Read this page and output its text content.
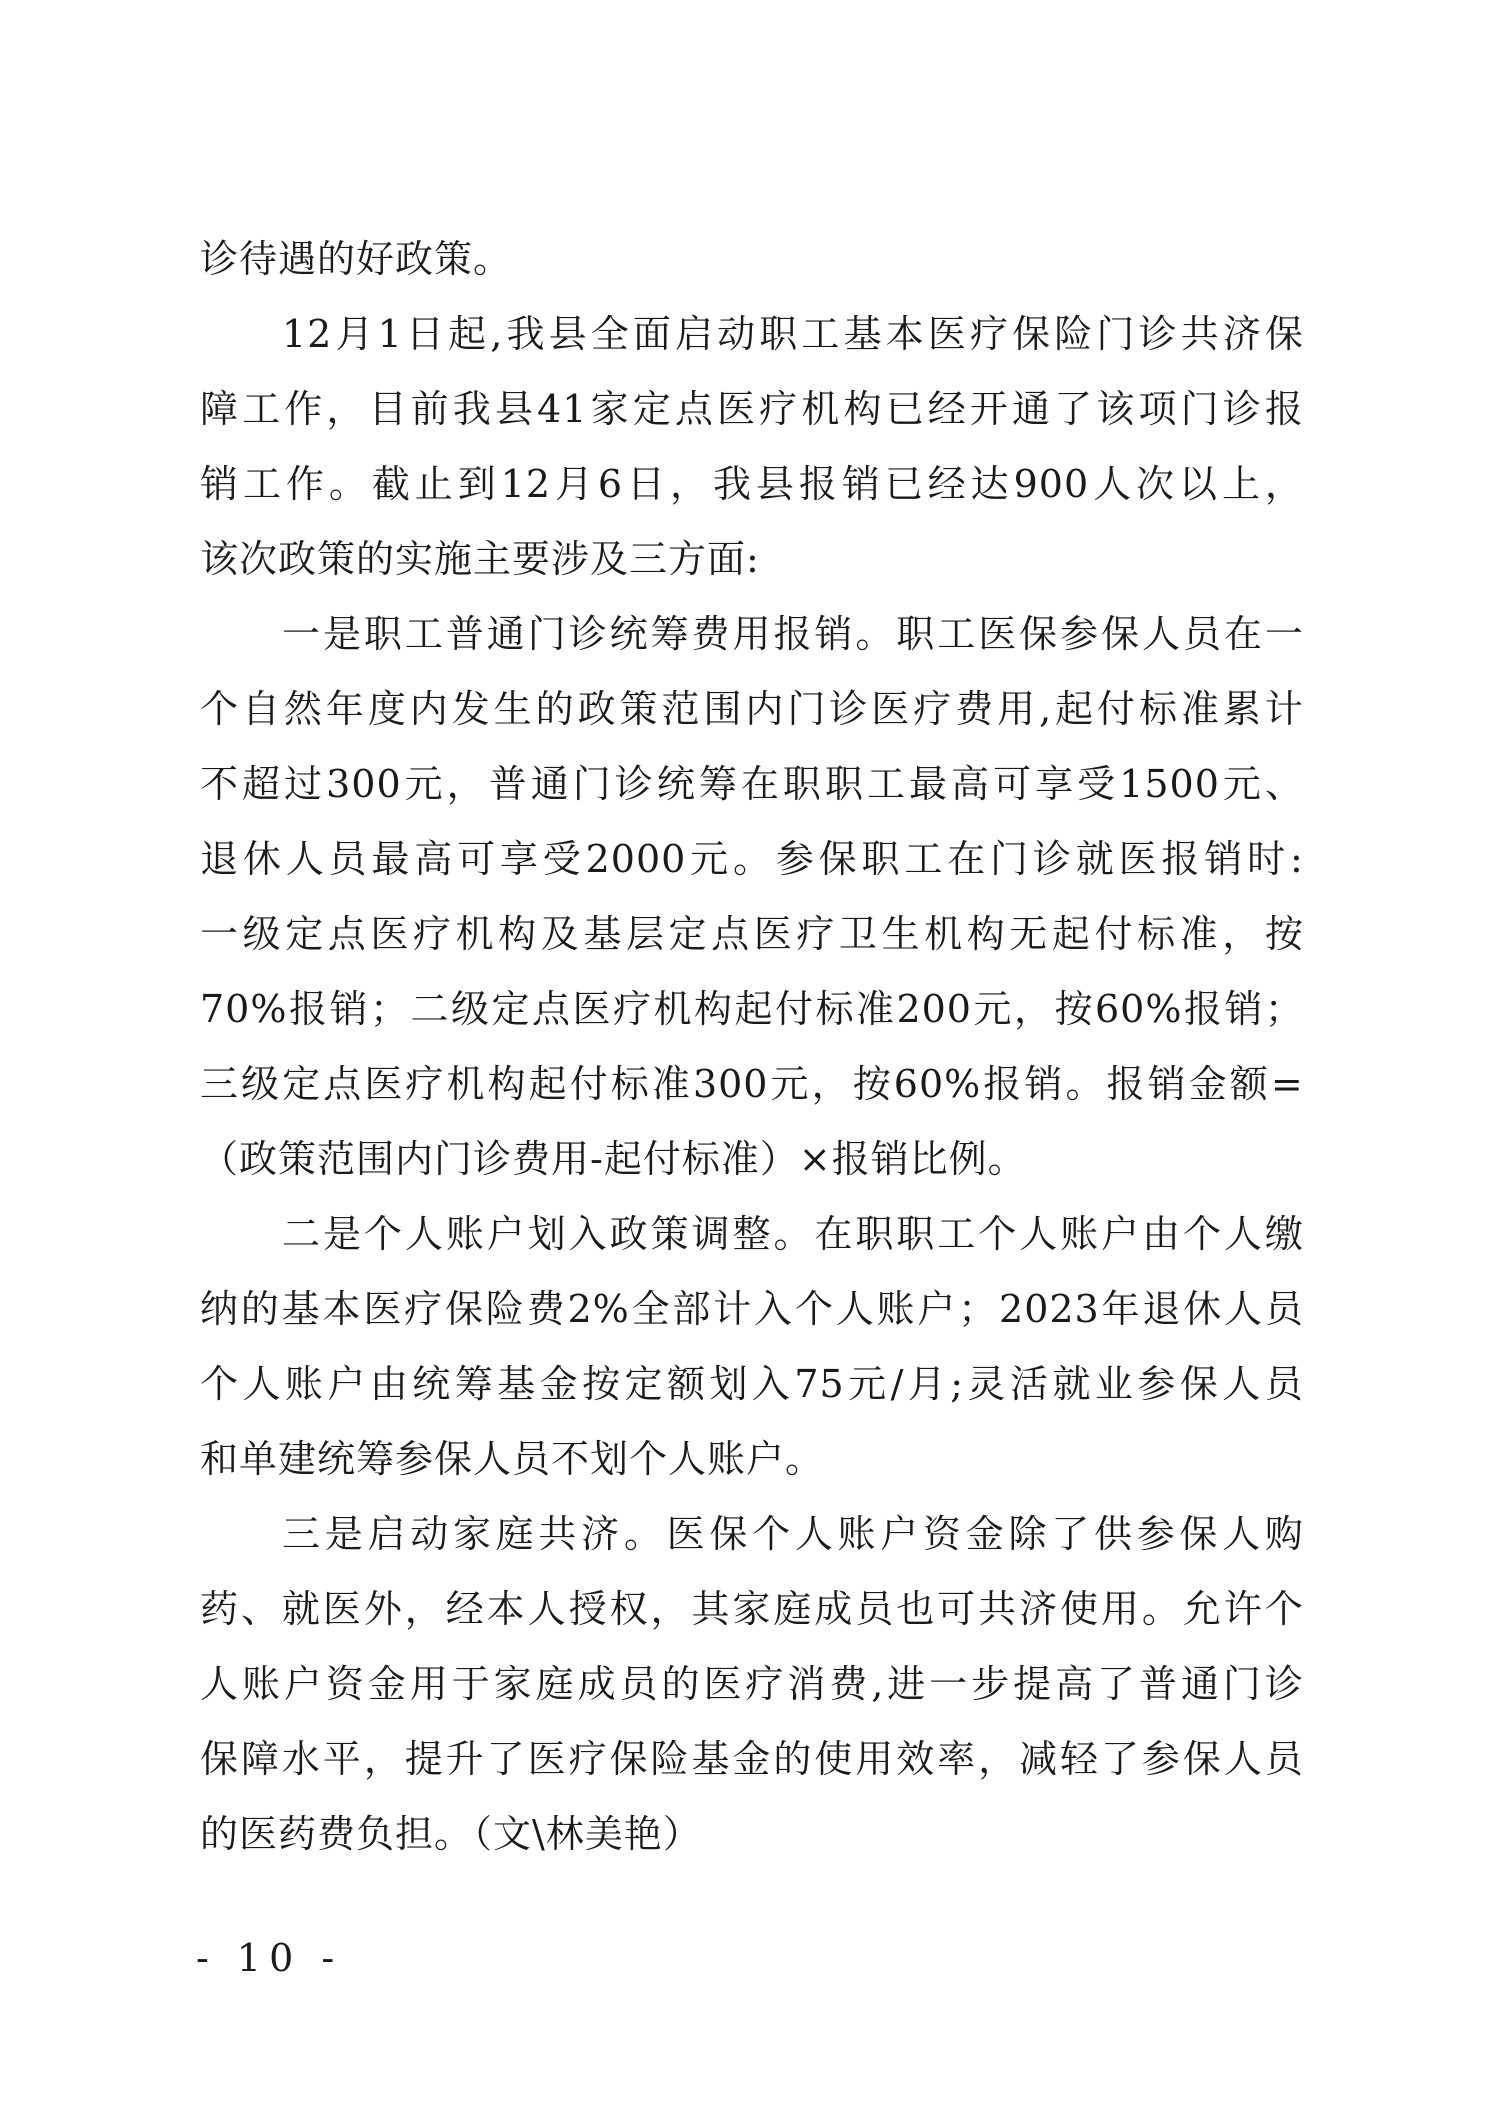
诊待遇的好政策。
12 月 1 日 起 , 我 县 全 面 启 动 职 工 基 本 医 疗 保 险 门 诊 共 济 保
障 工 作 ， 目 前 我 县 41 家 定 点 医 疗 机 构 已 经 开 通 了 该 项 门 诊 报
销 工 作 。 截 止 到 12 月 6 日 ， 我 县 报 销 已 经 达 900 人 次 以 上 ，
该次政策的实施主要涉及三方面:
一 是 职 工 普 通 门 诊 统 筹 费 用 报 销 。 职 工 医 保 参 保 人 员 在 一
个 自 然 年 度 内 发 生 的 政 策 范 围 内 门 诊 医 疗 费 用 , 起 付 标 准 累 计
不 超 过 300 元 ， 普 通 门 诊 统 筹 在 职 职 工 最 高 可 享 受 1500 元 、
退 休 人 员 最 高 可 享 受 2000 元 。 参 保 职 工 在 门 诊 就 医 报 销 时 :
一 级 定 点 医 疗 机 构 及 基 层 定 点 医 疗 卫 生 机 构 无 起 付 标 准 ， 按
70% 报 销 ； 二 级 定 点 医 疗 机 构 起 付 标 准 200 元 ， 按 60% 报 销 ；
三 级 定 点 医 疗 机 构 起 付 标 准 300 元 ， 按 60% 报 销 。 报 销 金 额 =
（政策范围内门诊费用-起付标准）×报销比例。
二 是 个 人 账 户 划 入 政 策 调 整 。 在 职 职 工 个 人 账 户 由 个 人 缴
纳 的 基 本 医 疗 保 险 费 2% 全 部 计 入 个 人 账 户 ； 2023 年 退 休 人 员
个 人 账 户 由 统 筹 基 金 按 定 额 划 入 75 元 / 月 ; 灵 活 就 业 参 保 人 员
和单建统筹参保人员不划个人账户。
三 是 启 动 家 庭 共 济 。 医 保 个 人 账 户 资 金 除 了 供 参 保 人 购
药 、 就 医 外 ， 经 本 人 授 权 ， 其 家 庭 成 员 也 可 共 济 使 用 。 允 许 个
人 账 户 资 金 用 于 家 庭 成 员 的 医 疗 消 费 , 进 一 步 提 高 了 普 通 门 诊
保 障 水 平 ， 提 升 了 医 疗 保 险 基 金 的 使 用 效 率 ， 减 轻 了 参 保 人 员
的医药费负担。（文\林美艳）
- 10 -
